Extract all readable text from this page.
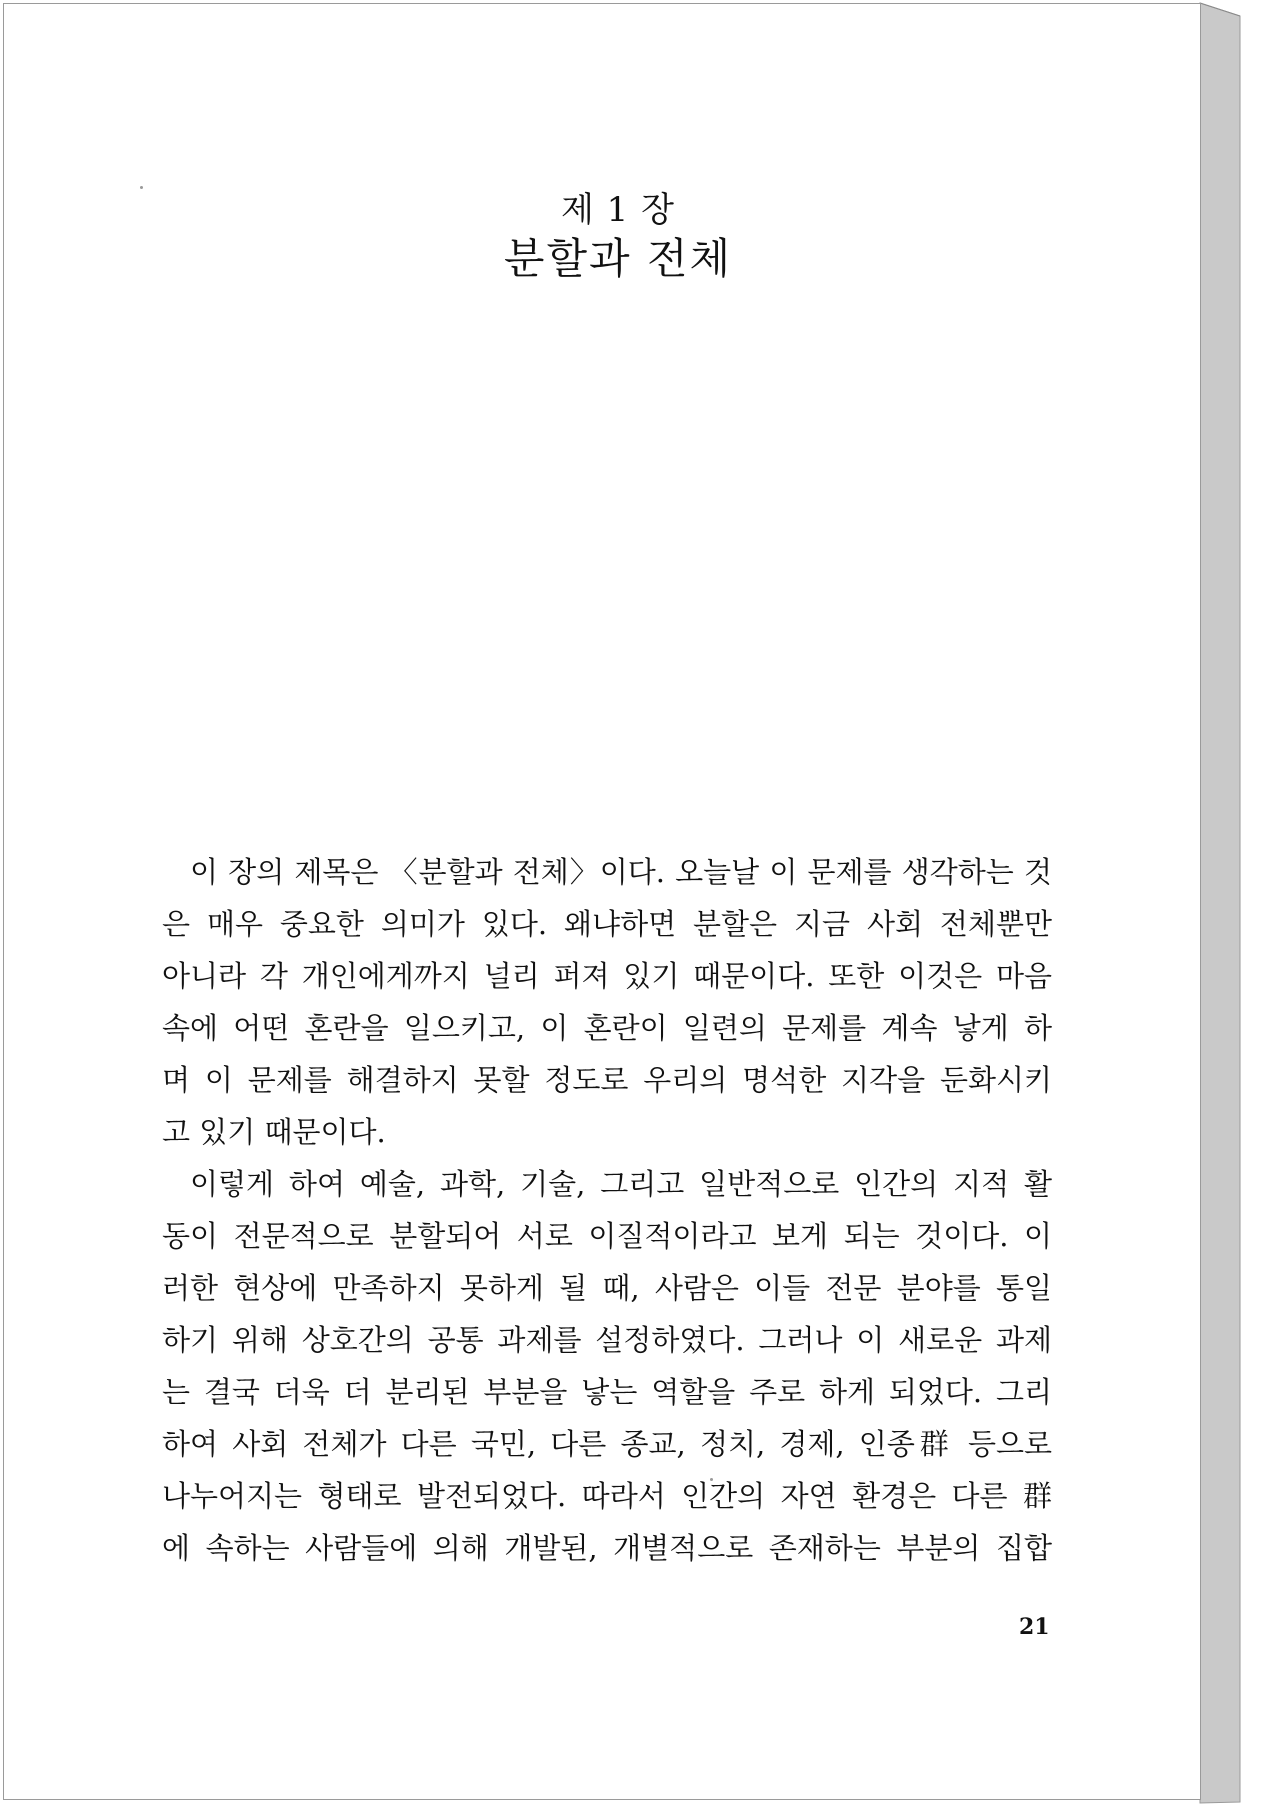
제 1 장
분할과 전체
이 장의 제목은 〈분할과 전체〉이다. 오늘날 이 문제를 생각하는 것
은 매우 중요한 의미가 있다. 왜냐하면 분할은 지금 사회 전체뿐만
아니라 각 개인에게까지 널리 퍼져 있기 때문이다. 또한 이것은 마음
속에 어떤 혼란을 일으키고, 이 혼란이 일련의 문제를 계속 낳게 하
며 이 문제를 해결하지 못할 정도로 우리의 명석한 지각을 둔화시키
고 있기 때문이다.
이렇게 하여 예술, 과학, 기술, 그리고 일반적으로 인간의 지적 활
동이 전문적으로 분할되어 서로 이질적이라고 보게 되는 것이다. 이
러한 현상에 만족하지 못하게 될 때, 사람은 이들 전문 분야를 통일
하기 위해 상호간의 공통 과제를 설정하였다. 그러나 이 새로운 과제
는 결국 더욱 더 분리된 부분을 낳는 역할을 주로 하게 되었다. 그리
하여 사회 전체가 다른 국민, 다른 종교, 정치, 경제, 인종群 등으로
나누어지는 형태로 발전되었다. 따라서 인간의 자연 환경은 다른 群
에 속하는 사람들에 의해 개발된, 개별적으로 존재하는 부분의 집합
21
